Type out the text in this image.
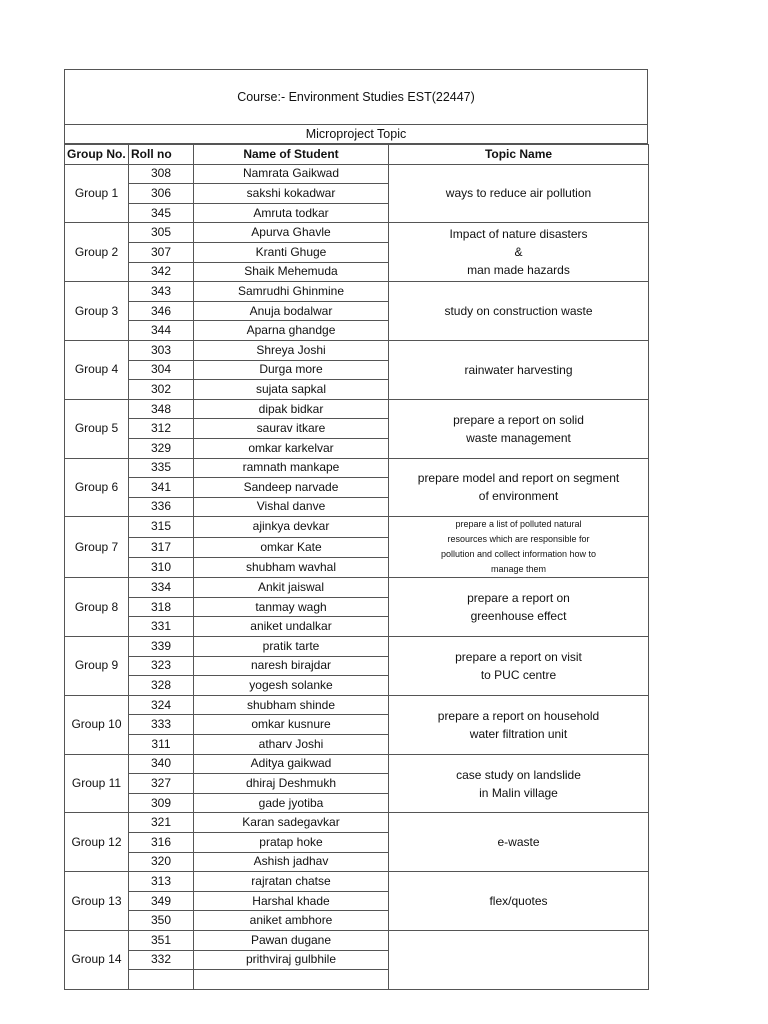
Course:- Environment Studies EST(22447)
Microproject Topic
Group No.	Roll no	Name of Student	Topic Name
Group 1	308	Namrata Gaikwad	ways to reduce air pollution

	306	sakshi kokadwar	
	345	Amruta todkar	
Group 2	305	Apurva Ghavle	Impact of nature disasters
&
man made hazards

	307	Kranti Ghuge	
	342	Shaik Mehemuda	
Group 3	343	Samrudhi Ghinmine	study on construction waste

	346	Anuja bodalwar	
	344	Aparna ghandge	
Group 4	303	Shreya Joshi	rainwater harvesting

	304	Durga more	
	302	sujata sapkal	
Group 5	348	dipak bidkar	prepare a report on solid
waste management

	312	saurav itkare	
	329	omkar karkelvar	
Group 6	335	ramnath mankape	prepare model and report on segment
of environment

	341	Sandeep narvade	
	336	Vishal danve	
Group 7	315	ajinkya devkar	prepare a list of polluted natural
resources which are responsible for
pollution and collect information how to
manage them

	317	omkar Kate	
	310	shubham wavhal	
Group 8	334	Ankit jaiswal	prepare a report on
greenhouse effect

	318	tanmay wagh	
	331	aniket undalkar	
Group 9	339	pratik tarte	prepare a report on visit
to PUC centre

	323	naresh birajdar	
	328	yogesh solanke	
Group 10	324	shubham shinde	prepare a report on household
water filtration unit

	333	omkar kusnure	
	311	atharv Joshi	
Group 11	340	Aditya gaikwad	case study on landslide
in Malin village

	327	dhiraj Deshmukh	
	309	gade jyotiba	
Group 12	321	Karan sadegavkar	e-waste

	316	pratap hoke	
	320	Ashish jadhav	
Group 13	313	rajratan chatse	flex/quotes

	349	Harshal khade	
	350	aniket ambhore	
Group 14	351	Pawan dugane	
	332	prithviraj gulbhile	
